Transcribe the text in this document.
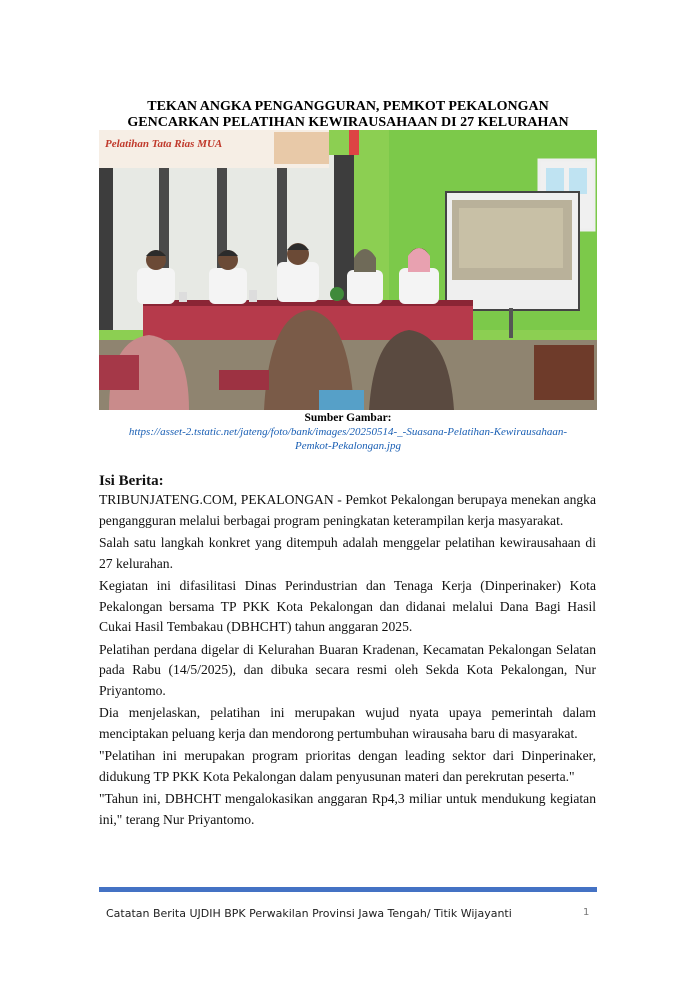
TEKAN ANGKA PENGANGGURAN, PEMKOT PEKALONGAN
GENCARKAN PELATIHAN KEWIRAUSAHAAN DI 27 KELURAHAN
Pelatihan Tata Rias MUA
Sumber Gambar:
https://asset-2.tstatic.net/jateng/foto/bank/images/20250514-_-Suasana-Pelatihan-Kewirausahaan-
Pemkot-Pekalongan.jpg
Isi Berita:

TRIBUNJATENG.COM, PEKALONGAN - Pemkot Pekalongan berupaya menekan angka pengangguran melalui berbagai program peningkatan keterampilan kerja masyarakat.

Salah satu langkah konkret yang ditempuh adalah menggelar pelatihan kewirausahaan di 27 kelurahan.

Kegiatan ini difasilitasi Dinas Perindustrian dan Tenaga Kerja (Dinperinaker) Kota Pekalongan bersama TP PKK Kota Pekalongan dan didanai melalui Dana Bagi Hasil Cukai Hasil Tembakau (DBHCHT) tahun anggaran 2025.

Pelatihan perdana digelar di Kelurahan Buaran Kradenan, Kecamatan Pekalongan Selatan pada Rabu (14/5/2025), dan dibuka secara resmi oleh Sekda Kota Pekalongan, Nur Priyantomo.

Dia menjelaskan, pelatihan ini merupakan wujud nyata upaya pemerintah dalam menciptakan peluang kerja dan mendorong pertumbuhan wirausaha baru di masyarakat.

"Pelatihan ini merupakan program prioritas dengan leading sektor dari Dinperinaker, didukung TP PKK Kota Pekalongan dalam penyusunan materi dan perekrutan peserta."

"Tahun ini, DBHCHT mengalokasikan anggaran Rp4,3 miliar untuk mendukung kegiatan ini," terang Nur Priyantomo.

Catatan Berita UJDIH BPK Perwakilan Provinsi Jawa Tengah/ Titik Wijayanti	1
